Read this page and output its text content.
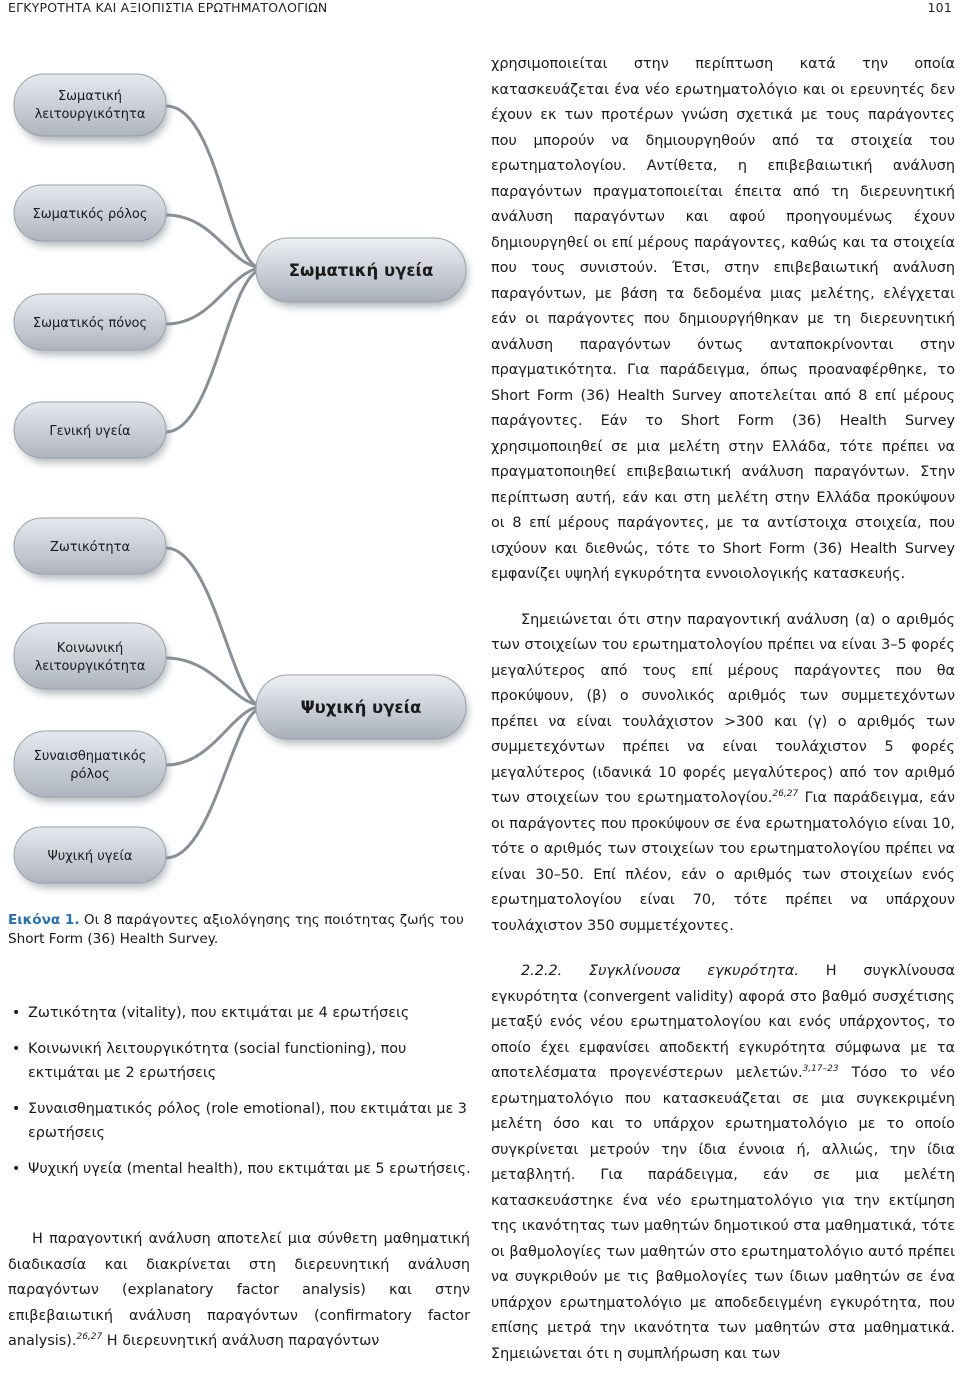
ΕΓΚΥΡΟΤΗΤΑ ΚΑΙ ΑΞΙΟΠΙΣΤΙΑ ΕΡΩΤΗΜΑΤΟΛΟΓΙΩΝ	101
Σωματική
λειτουργικότητα
Σωματικός ρόλος
Σωματικός πόνος
Γενική υγεία
Ζωτικότητα
Κοινωνική
λειτουργικότητα
Συναισθηματικός
ρόλος
Ψυχική υγεία
Σωματική υγεία
Ψυχική υγεία
Εικόνα 1. Οι 8 παράγοντες αξιολόγησης της ποιότητας ζωής του Short Form (36) Health Survey.
• Ζωτικότητα (vitality), που εκτιμάται με 4 ερωτήσεις
• Κοινωνική λειτουργικότητα (social functioning), που εκτιμάται με 2 ερωτήσεις
• Συναισθηματικός ρόλος (role emotional), που εκτιμάται με 3 ερωτήσεις
• Ψυχική υγεία (mental health), που εκτιμάται με 5 ερωτήσεις.

Η παραγοντική ανάλυση αποτελεί μια σύνθετη μαθηματική διαδικασία και διακρίνεται στη διερευνητική ανάλυση παραγόντων (explanatory factor analysis) και στην επιβεβαιωτική ανάλυση παραγόντων (confirmatory factor analysis).$^{26,27}$ Η διερευνητική ανάλυση παραγόντων

χρησιμοποιείται στην περίπτωση κατά την οποία κατασκευάζεται ένα νέο ερωτηματολόγιο και οι ερευνητές δεν έχουν εκ των προτέρων γνώση σχετικά με τους παράγοντες που μπορούν να δημιουργηθούν από τα στοιχεία του ερωτηματολογίου. Αντίθετα, η επιβεβαιωτική ανάλυση παραγόντων πραγματοποιείται έπειτα από τη διερευνητική ανάλυση παραγόντων και αφού προηγουμένως έχουν δημιουργηθεί οι επί μέρους παράγοντες, καθώς και τα στοιχεία που τους συνιστούν. Έτσι, στην επιβεβαιωτική ανάλυση παραγόντων, με βάση τα δεδομένα μιας μελέτης, ελέγχεται εάν οι παράγοντες που δημιουργήθηκαν με τη διερευνητική ανάλυση παραγόντων όντως ανταποκρίνονται στην πραγματικότητα. Για παράδειγμα, όπως προαναφέρθηκε, το Short Form (36) Health Survey αποτελείται από 8 επί μέρους παράγοντες. Εάν το Short Form (36) Health Survey χρησιμοποιηθεί σε μια μελέτη στην Ελλάδα, τότε πρέπει να πραγματοποιηθεί επιβεβαιωτική ανάλυση παραγόντων. Στην περίπτωση αυτή, εάν και στη μελέτη στην Ελλάδα προκύψουν οι 8 επί μέρους παράγοντες, με τα αντίστοιχα στοιχεία, που ισχύουν και διεθνώς, τότε το Short Form (36) Health Survey εμφανίζει υψηλή εγκυρότητα εννοιολογικής κατασκευής.

Σημειώνεται ότι στην παραγοντική ανάλυση (α) ο αριθμός των στοιχείων του ερωτηματολογίου πρέπει να είναι 3–5 φορές μεγαλύτερος από τους επί μέρους παράγοντες που θα προκύψουν, (β) ο συνολικός αριθμός των συμμετεχόντων πρέπει να είναι τουλάχιστον >300 και (γ) ο αριθμός των συμμετεχόντων πρέπει να είναι τουλάχιστον 5 φορές μεγαλύτερος (ιδανικά 10 φορές μεγαλύτερος) από τον αριθμό των στοιχείων του ερωτηματολογίου.$^{26,27}$ Για παράδειγμα, εάν οι παράγοντες που προκύψουν σε ένα ερωτηματολόγιο είναι 10, τότε ο αριθμός των στοιχείων του ερωτηματολογίου πρέπει να είναι 30–50. Επί πλέον, εάν ο αριθμός των στοιχείων ενός ερωτηματολογίου είναι 70, τότε πρέπει να υπάρχουν τουλάχιστον 350 συμμετέχοντες.

2.2.2. Συγκλίνουσα εγκυρότητα. Η συγκλίνουσα εγκυρότητα (convergent validity) αφορά στο βαθμό συσχέτισης μεταξύ ενός νέου ερωτηματολογίου και ενός υπάρχοντος, το οποίο έχει εμφανίσει αποδεκτή εγκυρότητα σύμφωνα με τα αποτελέσματα προγενέστερων μελετών.$^{3,17-23}$ Τόσο το νέο ερωτηματολόγιο που κατασκευάζεται σε μια συγκεκριμένη μελέτη όσο και το υπάρχον ερωτηματολόγιο με το οποίο συγκρίνεται μετρούν την ίδια έννοια ή, αλλιώς, την ίδια μεταβλητή. Για παράδειγμα, εάν σε μια μελέτη κατασκευάστηκε ένα νέο ερωτηματολόγιο για την εκτίμηση της ικανότητας των μαθητών δημοτικού στα μαθηματικά, τότε οι βαθμολογίες των μαθητών στο ερωτηματολόγιο αυτό πρέπει να συγκριθούν με τις βαθμολογίες των ίδιων μαθητών σε ένα υπάρχον ερωτηματολόγιο με αποδεδειγμένη εγκυρότητα, που επίσης μετρά την ικανότητα των μαθητών στα μαθηματικά. Σημειώνεται ότι η συμπλήρωση και των
